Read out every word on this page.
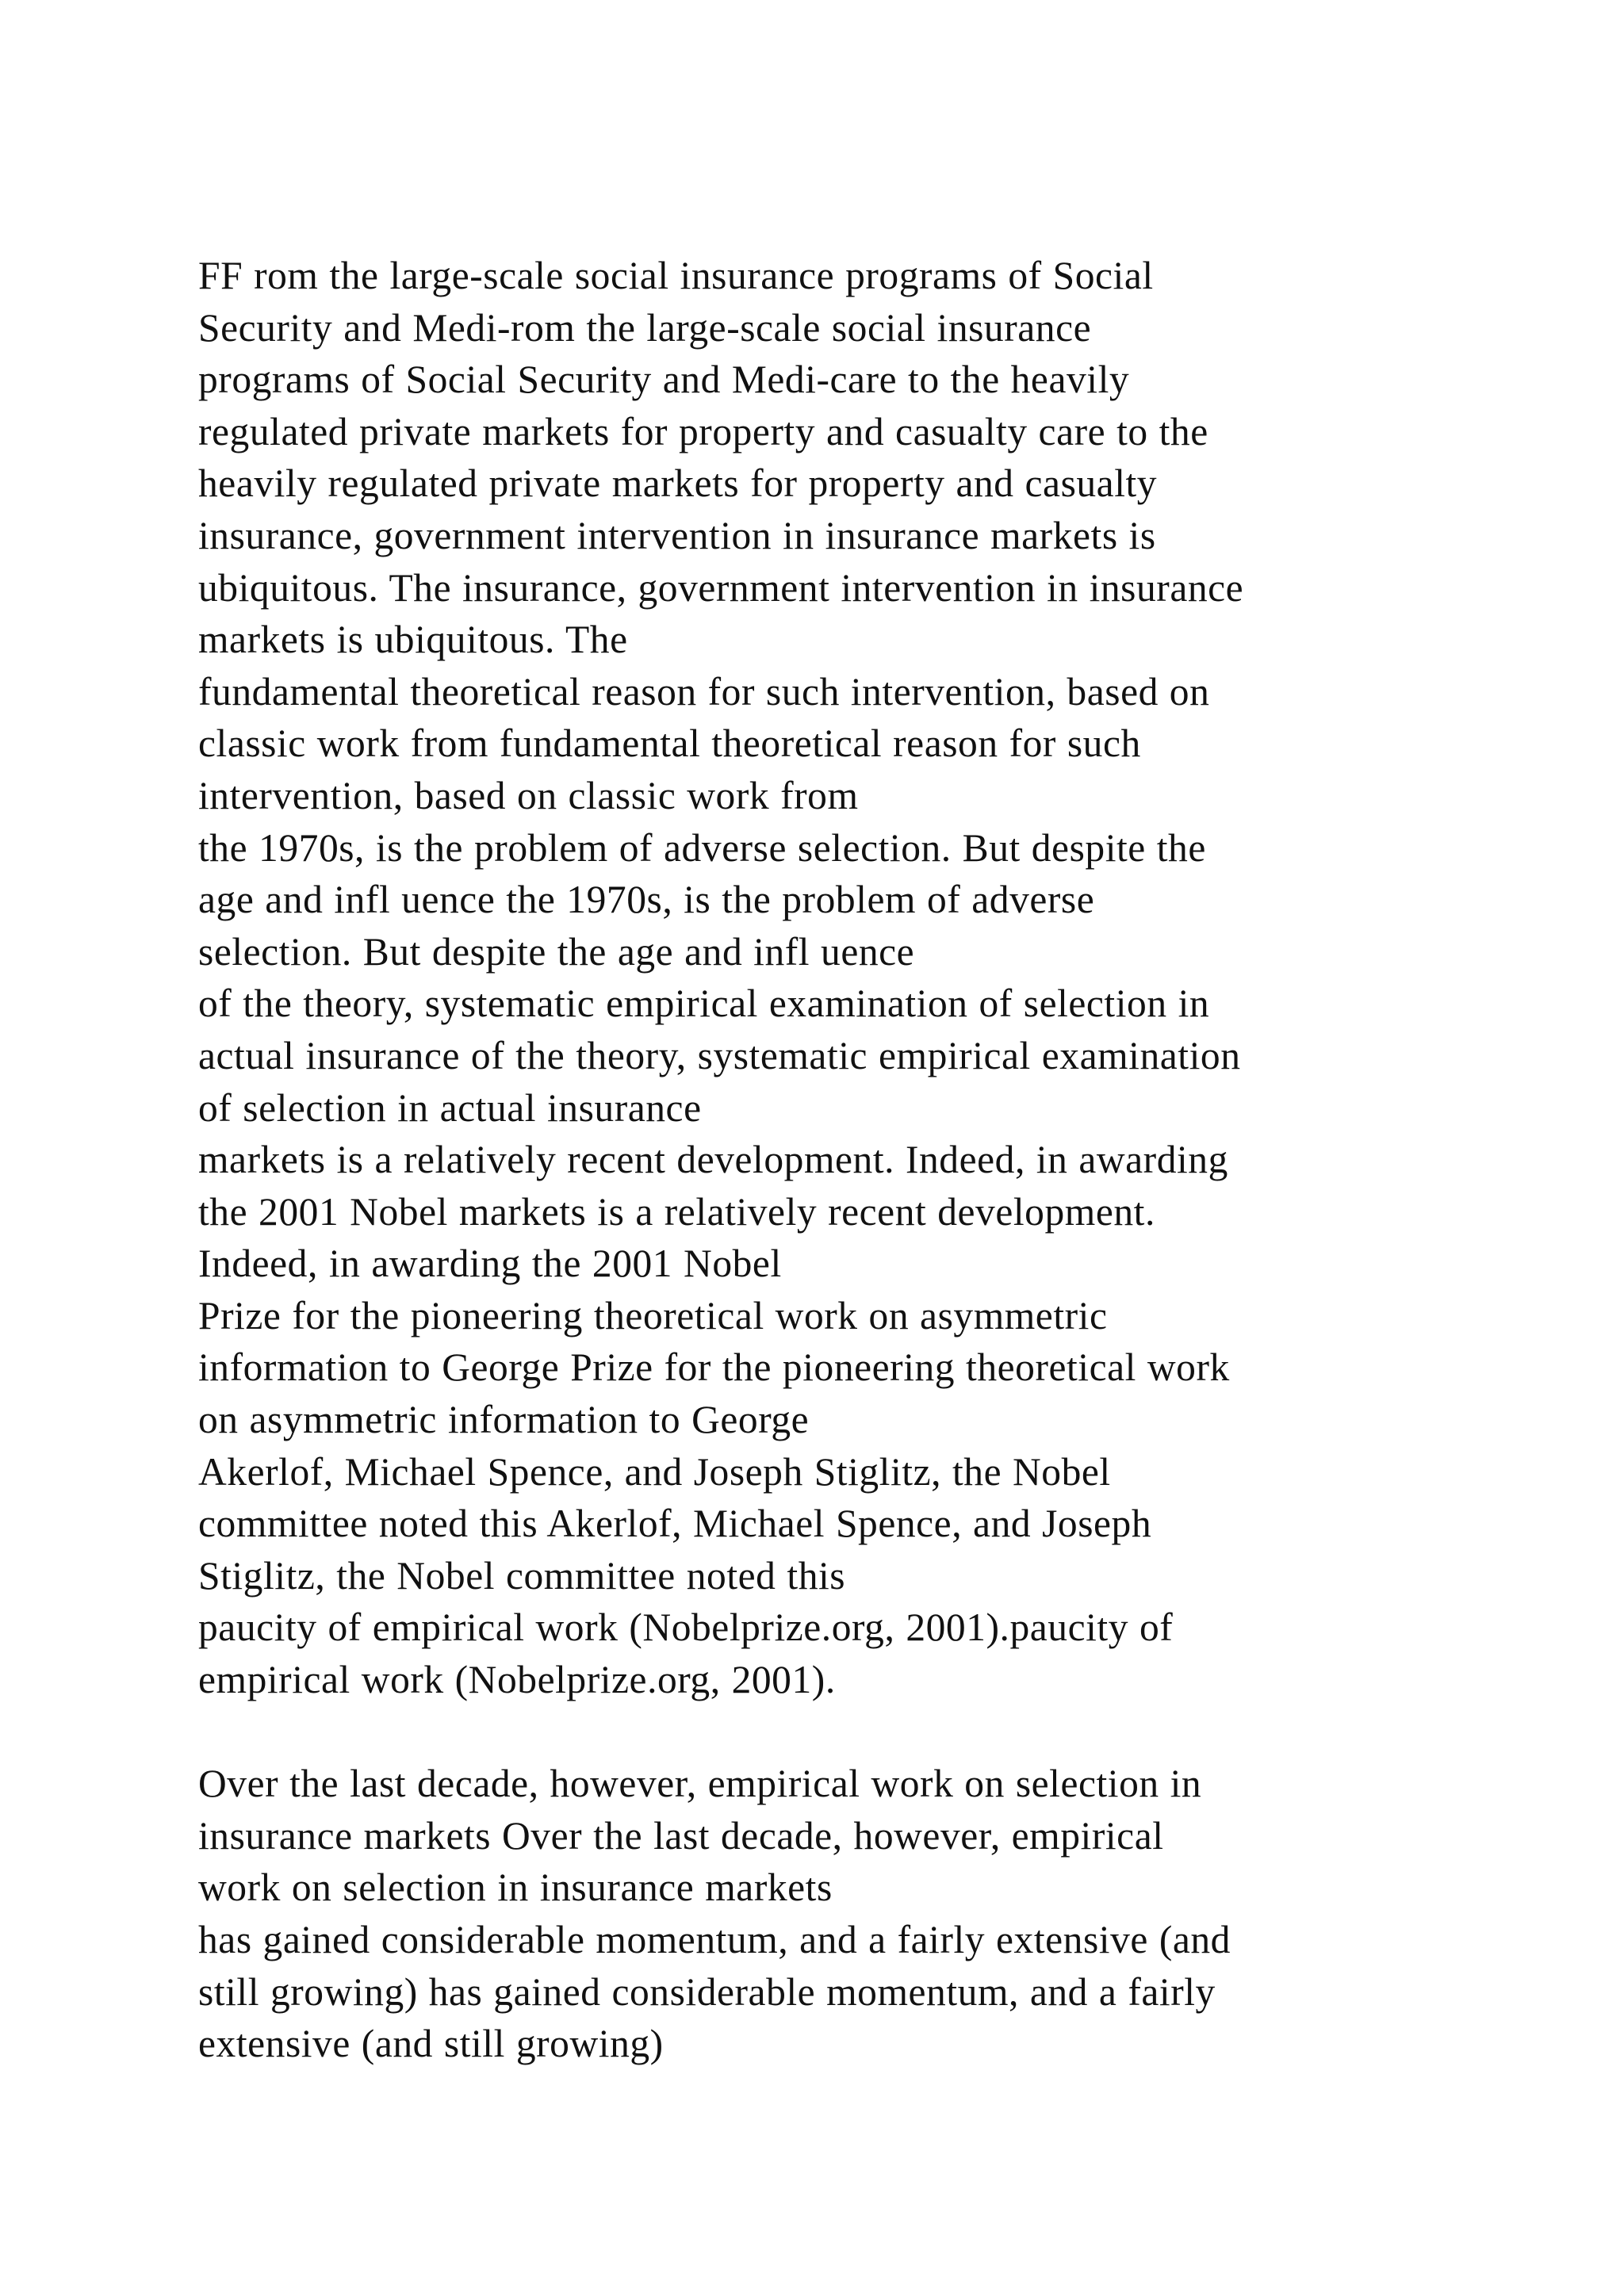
FF rom the large-scale social insurance programs of Social
Security and Medi-rom the large-scale social insurance
programs of Social Security and Medi-care to the heavily
regulated private markets for property and casualty care to the
heavily regulated private markets for property and casualty
insurance, government intervention in insurance markets is
ubiquitous. The insurance, government intervention in insurance
markets is ubiquitous. The
fundamental theoretical reason for such intervention, based on
classic work from fundamental theoretical reason for such
intervention, based on classic work from
the 1970s, is the problem of adverse selection. But despite the
age and infl uence the 1970s, is the problem of adverse
selection. But despite the age and infl uence
of the theory, systematic empirical examination of selection in
actual insurance of the theory, systematic empirical examination
of selection in actual insurance
markets is a relatively recent development. Indeed, in awarding
the 2001 Nobel markets is a relatively recent development.
Indeed, in awarding the 2001 Nobel
Prize for the pioneering theoretical work on asymmetric
information to George Prize for the pioneering theoretical work
on asymmetric information to George
Akerlof, Michael Spence, and Joseph Stiglitz, the Nobel
committee noted this Akerlof, Michael Spence, and Joseph
Stiglitz, the Nobel committee noted this
paucity of empirical work (Nobelprize.org, 2001).paucity of
empirical work (Nobelprize.org, 2001).
Over the last decade, however, empirical work on selection in
insurance markets Over the last decade, however, empirical
work on selection in insurance markets
has gained considerable momentum, and a fairly extensive (and
still growing) has gained considerable momentum, and a fairly
extensive (and still growing)
